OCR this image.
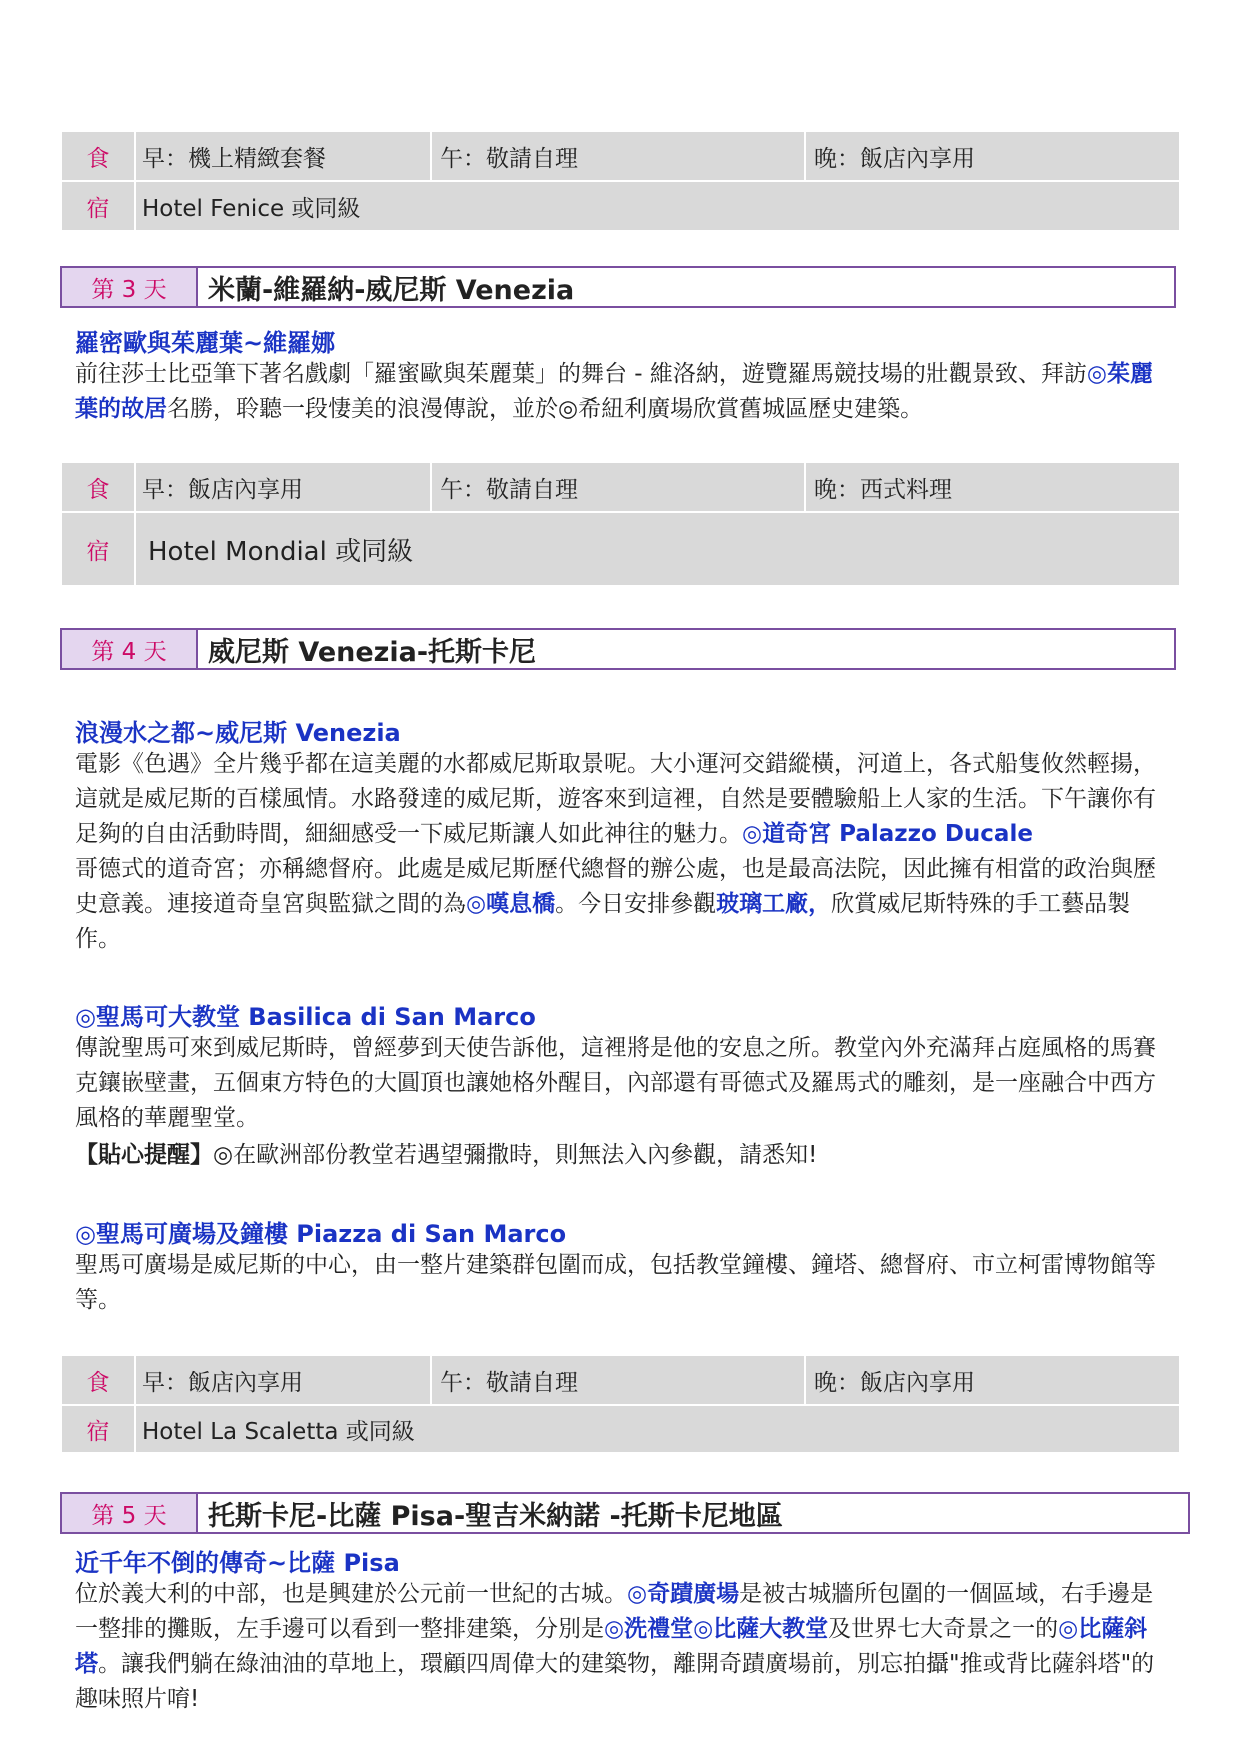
食	早：機上精緻套餐	午：敬請自理	晚：飯店內享用
宿	Hotel Fenice 或同級
第 3 天	米蘭-維羅納-威尼斯 Venezia
羅密歐與茱麗葉~維羅娜
前往莎士比亞筆下著名戲劇「羅蜜歐與茱麗葉」的舞台 - 維洛納，遊覽羅馬競技場的壯觀景致、拜訪◎茱麗葉的故居名勝，聆聽一段悽美的浪漫傳說，並於◎希紐利廣場欣賞舊城區歷史建築。
食	早：飯店內享用	午：敬請自理	晚：西式料理
宿	Hotel Mondial 或同級
第 4 天	威尼斯 Venezia-托斯卡尼
浪漫水之都~威尼斯 Venezia
電影《色遇》全片幾乎都在這美麗的水都威尼斯取景呢。大小運河交錯縱橫，河道上，各式船隻攸然輕揚，這就是威尼斯的百樣風情。水路發達的威尼斯，遊客來到這裡，自然是要體驗船上人家的生活。下午讓你有足夠的自由活動時間，細細感受一下威尼斯讓人如此神往的魅力。◎道奇宮 Palazzo Ducale
哥德式的道奇宮；亦稱總督府。此處是威尼斯歷代總督的辦公處，也是最高法院，因此擁有相當的政治與歷史意義。連接道奇皇宮與監獄之間的為◎嘆息橋。今日安排參觀玻璃工廠，欣賞威尼斯特殊的手工藝品製作。
◎聖馬可大教堂 Basilica di San Marco
傳說聖馬可來到威尼斯時，曾經夢到天使告訴他，這裡將是他的安息之所。教堂內外充滿拜占庭風格的馬賽克鑲嵌壁畫，五個東方特色的大圓頂也讓她格外醒目，內部還有哥德式及羅馬式的雕刻，是一座融合中西方風格的華麗聖堂。
【貼心提醒】◎在歐洲部份教堂若遇望彌撒時，則無法入內參觀，請悉知!
◎聖馬可廣場及鐘樓 Piazza di San Marco
聖馬可廣場是威尼斯的中心，由一整片建築群包圍而成，包括教堂鐘樓、鐘塔、總督府、市立柯雷博物館等等。
食	早：飯店內享用	午：敬請自理	晚：飯店內享用
宿	Hotel La Scaletta 或同級
第 5 天	托斯卡尼-比薩 Pisa-聖吉米納諾 -托斯卡尼地區
近千年不倒的傳奇~比薩 Pisa
位於義大利的中部，也是興建於公元前一世紀的古城。◎奇蹟廣場是被古城牆所包圍的一個區域，右手邊是一整排的攤販，左手邊可以看到一整排建築，分別是◎洗禮堂◎比薩大教堂及世界七大奇景之一的◎比薩斜塔。讓我們躺在綠油油的草地上，環顧四周偉大的建築物，離開奇蹟廣場前，別忘拍攝"推或背比薩斜塔"的趣味照片唷!
